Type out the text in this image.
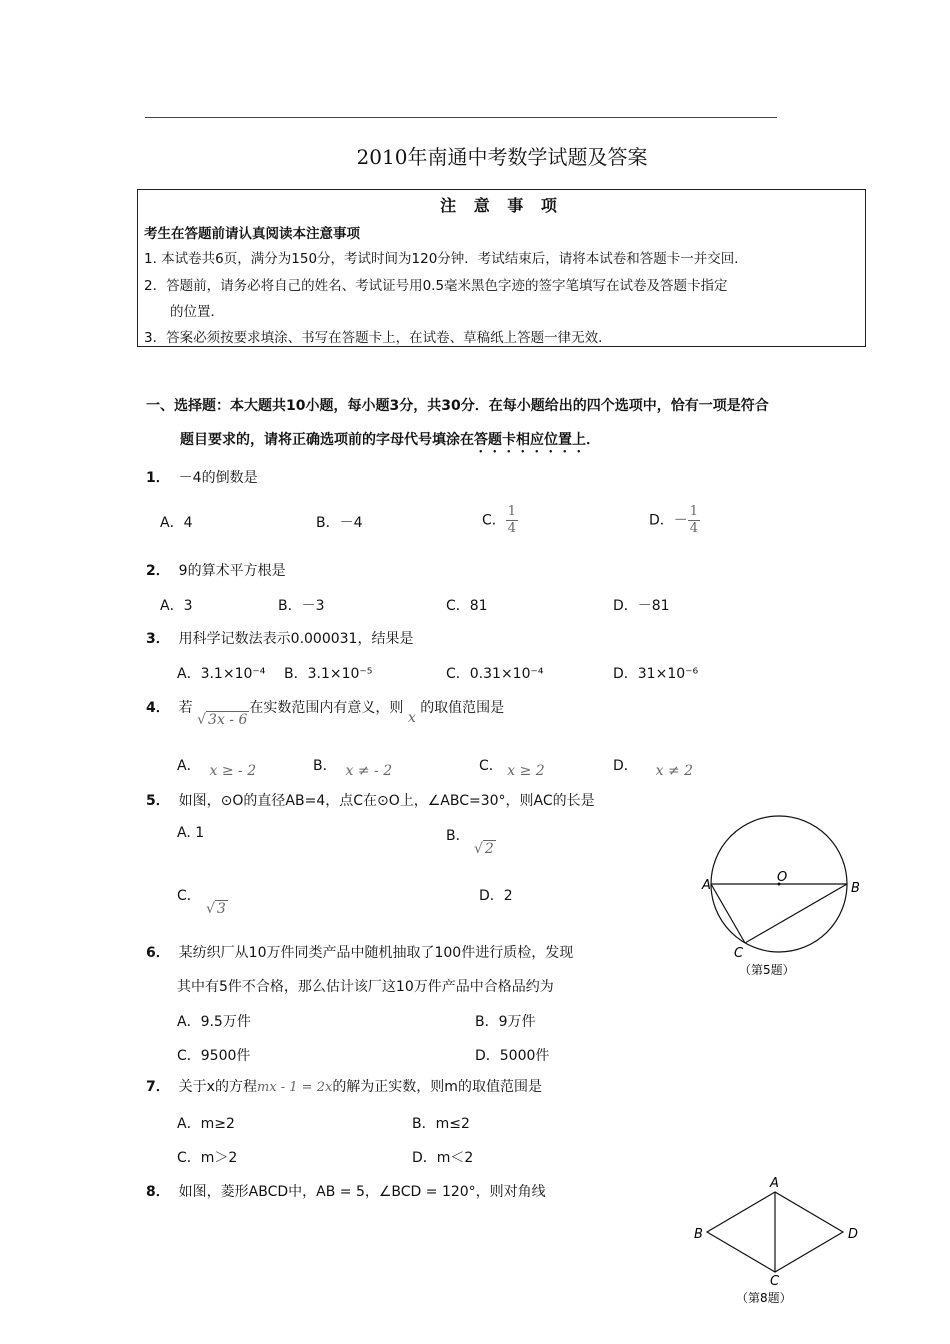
2010年南通中考数学试题及答案
注 意 事 项
考生在答题前请认真阅读本注意事项
1. 本试卷共6页，满分为150分，考试时间为120分钟．考试结束后，请将本试卷和答题卡一并交回．
2．答题前，请务必将自己的姓名、考试证号用0.5毫米黑色字迹的签字笔填写在试卷及答题卡指定
的位置．
3．答案必须按要求填涂、书写在答题卡上，在试卷、草稿纸上答题一律无效．
一、选择题：本大题共10小题，每小题3分，共30分．在每小题给出的四个选项中，恰有一项是符合
题目要求的，请将正确选项前的字母代号填涂在答题卡相应位置上．
1． －4的倒数是
A．4	B．－4	C． $\frac{1}{4}$	D．－ $\frac{1}{4}$
2． 9的算术平方根是
A．3	B．－3	C．81	D．－81
3． 用科学记数法表示0.000031，结果是
A．3.1×10⁻⁴ B．3.1×10⁻⁵	C．0.31×10⁻⁴	D．31×10⁻⁶
4． 若 √ 3x - 6在实数范围内有意义，则 x 的取值范围是
A． x ≥ - 2	B． x ≠ - 2	C． x ≥ 2	D． x ≠ 2
5． 如图，⊙O的直径AB=4，点C在⊙O上，∠ABC=30°，则AC的长是
A. 1	B．
√ 2
C．
√ 3
D．2
A	B
O
C
（第5题）
6． 某纺织厂从10万件同类产品中随机抽取了100件进行质检，发现
其中有5件不合格，那么估计该厂这10万件产品中合格品约为
A．9.5万件	B．9万件
C．9500件	D．5000件
7． 关于x的方程mx - 1 = 2x的解为正实数，则m的取值范围是
A．m≥2	B．m≤2
C．m＞2	D．m＜2
8． 如图，菱形ABCD中，AB = 5，∠BCD = 120°，则对角线
A
B
C
D
（第8题）
